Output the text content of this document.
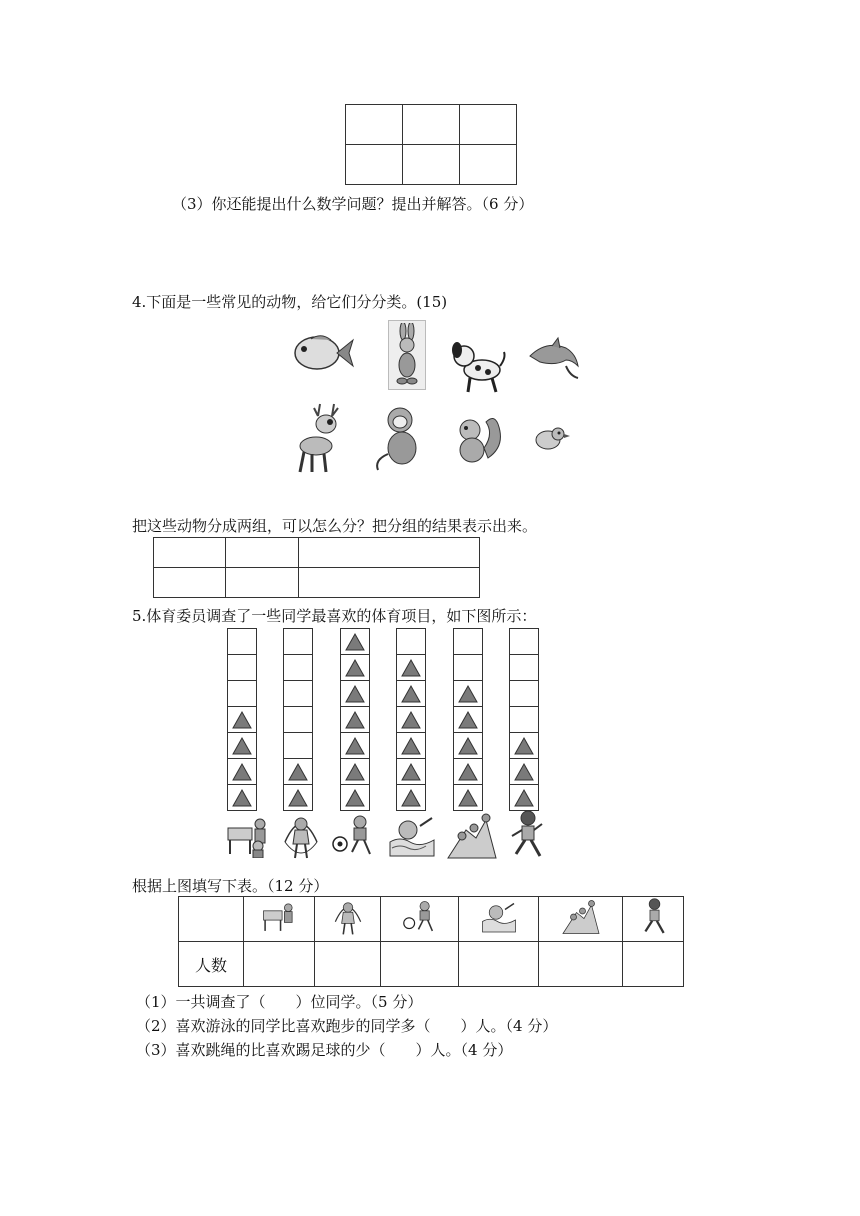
（3）你还能提出什么数学问题？提出并解答。（6 分）
4.下面是一些常见的动物，给它们分分类。(15)
把这些动物分成两组，可以怎么分？把分组的结果表示出来。

5.体育委员调查了一些同学最喜欢的体育项目，如下图所示：
根据上图填写下表。（12 分）

人数						
（1）一共调查了（　　）位同学。（5 分）
（2）喜欢游泳的同学比喜欢跑步的同学多（　　）人。（4 分）
（3）喜欢跳绳的比喜欢踢足球的少（　　）人。（4 分）
